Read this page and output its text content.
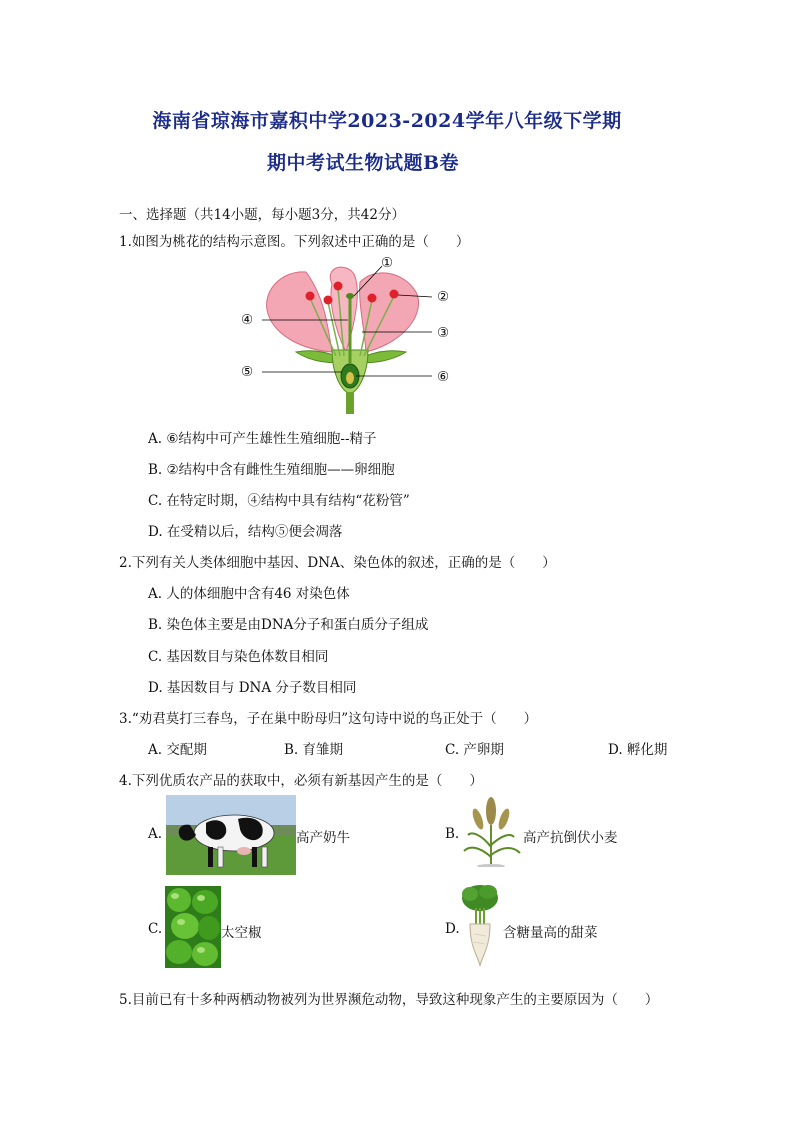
海南省琼海市嘉积中学2023-2024学年八年级下学期
期中考试生物试题B卷
一、选择题（共14小题，每小题3分，共42分）
1.如图为桃花的结构示意图。下列叙述中正确的是（　　）
①
②
③
④
⑤	⑥
A. ⑥结构中可产生雄性生殖细胞--精子
B. ②结构中含有雌性生殖细胞——卵细胞
C. 在特定时期，④结构中具有结构“花粉管”
D. 在受精以后，结构⑤便会凋落
2.下列有关人类体细胞中基因、DNA、染色体的叙述，正确的是（　　）
A. 人的体细胞中含有46 对染色体
B. 染色体主要是由DNA分子和蛋白质分子组成
C. 基因数目与染色体数目相同
D. 基因数目与 DNA 分子数目相同
3.“劝君莫打三春鸟，子在巢中盼母归”这句诗中说的鸟正处于（　　）
A. 交配期	B. 育雏期	C. 产卵期	D. 孵化期
4.下列优质农产品的获取中，必须有新基因产生的是（　　）
A.	高产奶牛	B.	高产抗倒伏小麦
C.	太空椒	D.	含糖量高的甜菜
5.目前已有十多种两栖动物被列为世界濒危动物，导致这种现象产生的主要原因为（　　）
